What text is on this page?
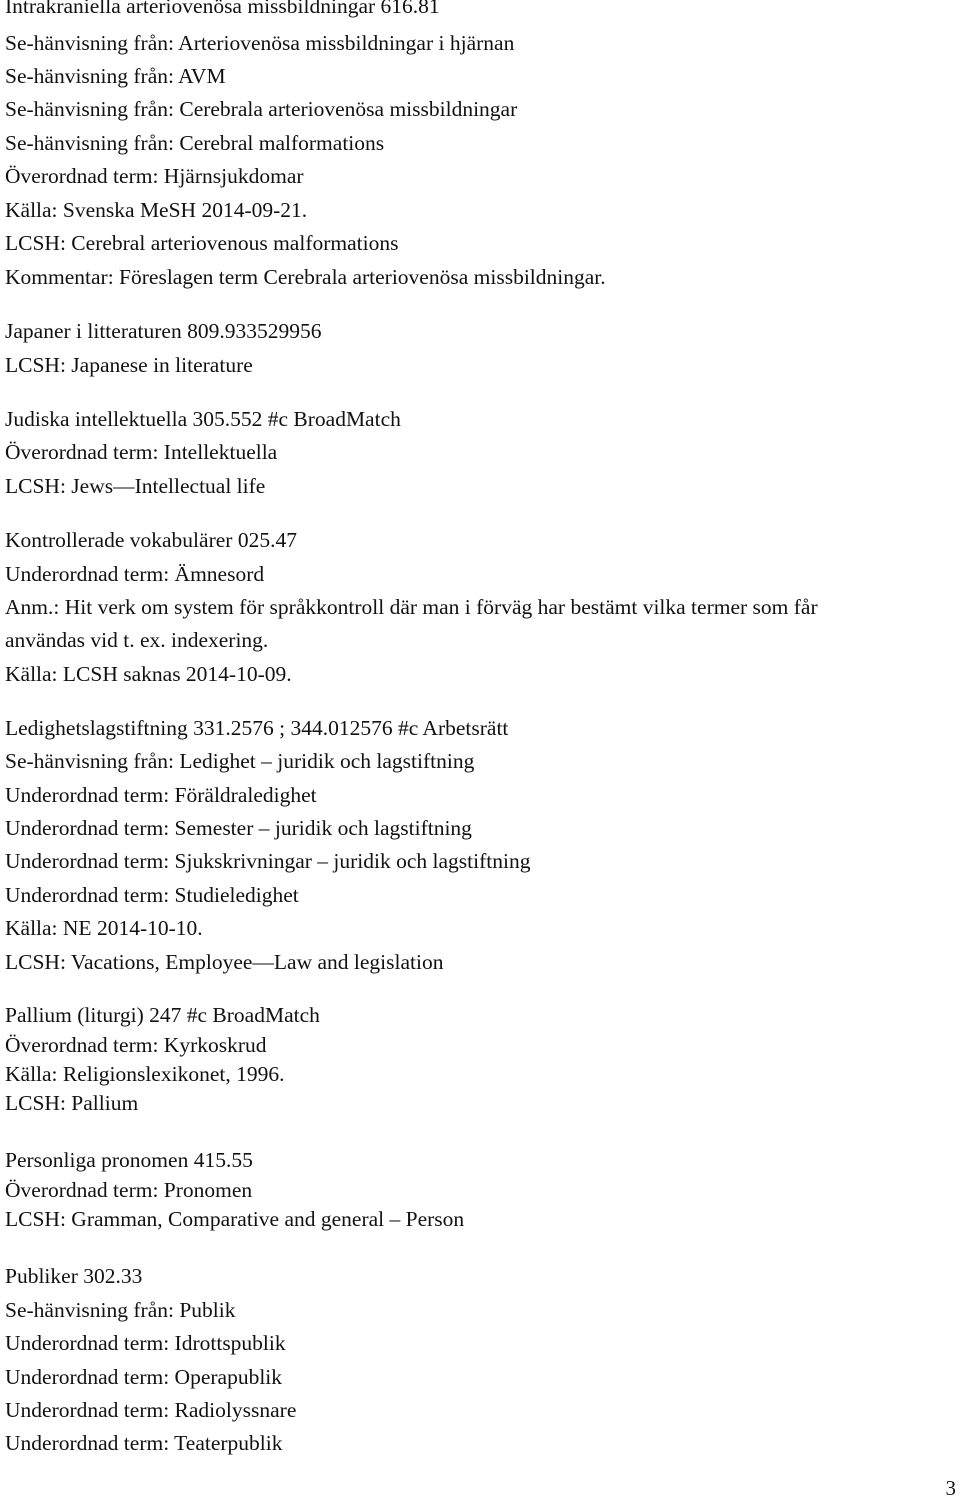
Intrakraniella arteriovenösa missbildningar 616.81
Se-hänvisning från: Arteriovenösa missbildningar i hjärnan
Se-hänvisning från: AVM
Se-hänvisning från: Cerebrala arteriovenösa missbildningar
Se-hänvisning från: Cerebral malformations
Överordnad term: Hjärnsjukdomar
Källa: Svenska MeSH 2014-09-21.
LCSH: Cerebral arteriovenous malformations
Kommentar: Föreslagen term Cerebrala arteriovenösa missbildningar.
Japaner i litteraturen 809.933529956
LCSH: Japanese in literature
Judiska intellektuella 305.552 #c BroadMatch
Överordnad term: Intellektuella
LCSH: Jews—Intellectual life
Kontrollerade vokabulärer 025.47
Underordnad term: Ämnesord
Anm.: Hit verk om system för språkkontroll där man i förväg har bestämt vilka termer som får
användas vid t. ex. indexering.
Källa: LCSH saknas 2014-10-09.
Ledighetslagstiftning 331.2576 ; 344.012576 #c Arbetsrätt
Se-hänvisning från: Ledighet – juridik och lagstiftning
Underordnad term: Föräldraledighet
Underordnad term: Semester – juridik och lagstiftning
Underordnad term: Sjukskrivningar – juridik och lagstiftning
Underordnad term: Studieledighet
Källa: NE 2014-10-10.
LCSH: Vacations, Employee—Law and legislation
Pallium (liturgi) 247 #c BroadMatch
Överordnad term: Kyrkoskrud
Källa: Religionslexikonet, 1996.
LCSH: Pallium
Personliga pronomen 415.55
Överordnad term: Pronomen
LCSH: Gramman, Comparative and general – Person
Publiker 302.33
Se-hänvisning från: Publik
Underordnad term: Idrottspublik
Underordnad term: Operapublik
Underordnad term: Radiolyssnare
Underordnad term: Teaterpublik
3
